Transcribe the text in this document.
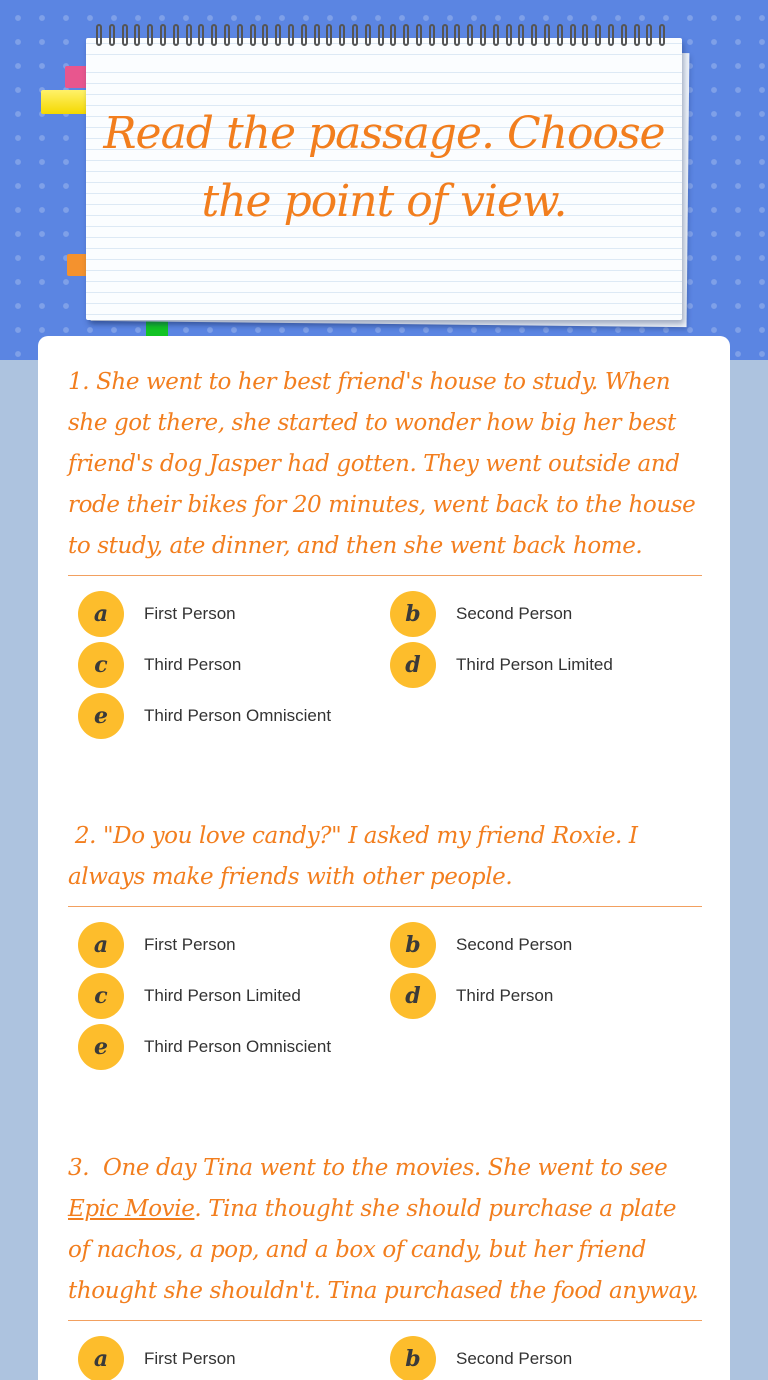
Read the passage. Choose
the point of view.
1. She went to her best friend's house to study. When she got there, she started to wonder how big her best friend's dog Jasper had gotten. They went outside and rode their bikes for 20 minutes, went back to the house to study, ate dinner, and then she went back home.
a	First Person	b	Second Person
c	Third Person	d	Third Person Limited
e	Third Person Omniscient
2. "Do you love candy?" I asked my friend Roxie. I always make friends with other people.
a	First Person	b	Second Person
c	Third Person Limited	d	Third Person
e	Third Person Omniscient
3. One day Tina went to the movies. She went to see Epic Movie. Tina thought she should purchase a plate of nachos, a pop, and a box of candy, but her friend thought she shouldn't. Tina purchased the food anyway.
a	First Person	b	Second Person
